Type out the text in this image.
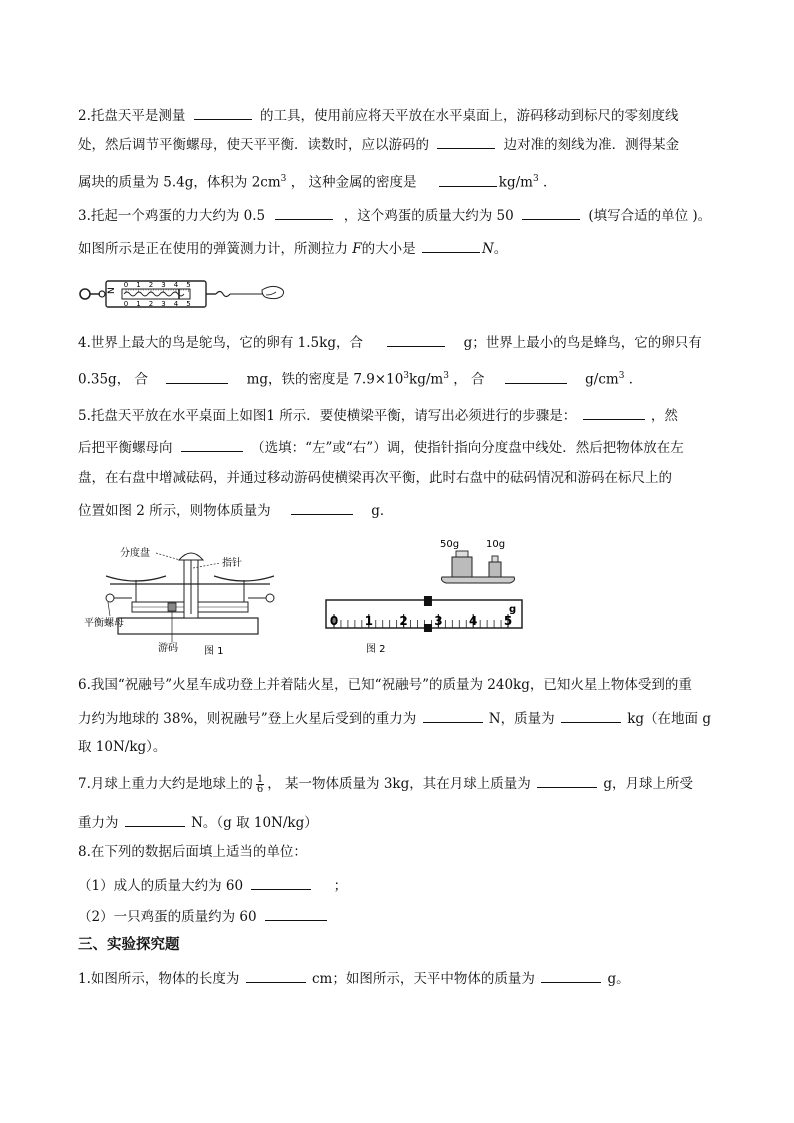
2.托盘天平是测量	的工具，使用前应将天平放在水平桌面上，游码移动到标尺的零刻度线
处，然后调节平衡螺母，使天平平衡．读数时，应以游码的	边对准的刻线为准．测得某金
属块的质量为 5.4g，体积为 $2cm^3$ ， 这种金属的密度是	$kg/m^3$ ．
3.托起一个鸡蛋的力大约为 0.5	，这个鸡蛋的质量大约为 50	(填写合适的单位 )。
如图所示是正在使用的弹簧测力计，所测拉力 F的大小是	N。
N
0 1 2 3 4 5
0 1 2 3 4 5
4.世界上最大的鸟是鸵鸟，它的卵有 1.5kg，合	g；世界上最小的鸟是蜂鸟，它的卵只有
0.35g， 合	mg，铁的密度是 $7.9\times 10^3kg/m^3$ ， 合	$g/cm^3$ ．
5.托盘天平放在水平桌面上如图1 所示．要使横梁平衡，请写出必须进行的步骤是：	，然
后把平衡螺母向	（选填：“左”或“右”）调，使指针指向分度盘中线处．然后把物体放在左
盘，在右盘中增减砝码，并通过移动游码使横梁再次平衡，此时右盘中的砝码情况和游码在标尺上的
位置如图 2 所示，则物体质量为	g．
分度盘
指针
平衡螺母
游码	图 1
50g	10g
0 1 2 3 4 5
g
图 2
6.我国“祝融号”火星车成功登上并着陆火星，已知“祝融号”的质量为 240kg，已知火星上物体受到的重
力约为地球的 38%，则祝融号”登上火星后受到的重力为	N，质量为	kg（在地面 g
取 10N/kg）。
7.月球上重力大约是地球上的 $\frac{1}{6}$ ， 某一物体质量为 3kg，其在月球上质量为	g，月球上所受
重力为	N。（g 取 10N/kg）
8.在下列的数据后面填上适当的单位：
（1）成人的质量大约为 60	；
（2）一只鸡蛋的质量约为 60
三、实验探究题
1.如图所示，物体的长度为	cm；如图所示，天平中物体的质量为	g。
